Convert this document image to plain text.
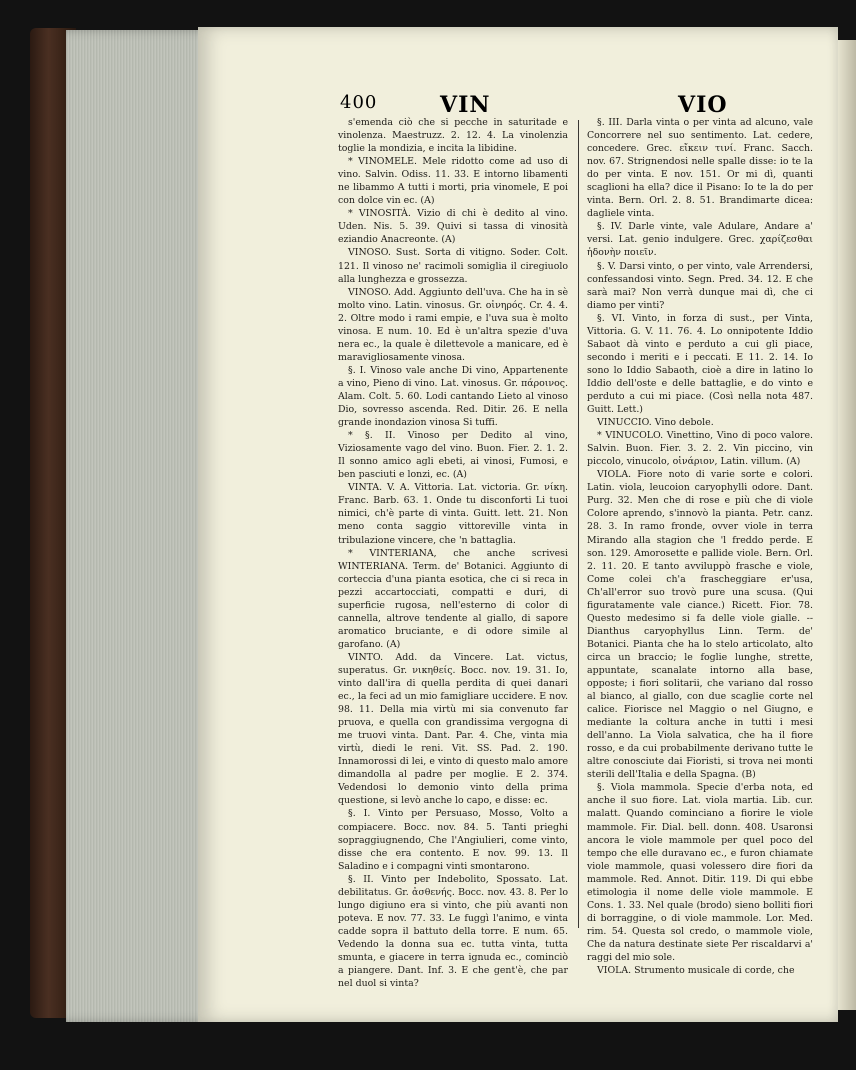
400	VIN	VIO

s'emenda ciò che si pecche in saturitade e vinolenza. Maestruzz. 2. 12. 4. La vinolenzia toglie la mondizia, e incita la libidine.

* VINOMELE. Mele ridotto come ad uso di vino. Salvin. Odiss. 11. 33. E intorno libamenti ne libammo A tutti i morti, pria vinomele, E poi con dolce vin ec. (A)

* VINOSITÀ. Vizio di chi è dedito al vino. Uden. Nis. 5. 39. Quivi si tassa di vinosità eziandio Anacreonte. (A)

VINOSO. Sust. Sorta di vitigno. Soder. Colt. 121. Il vinoso ne' racimoli somiglia il ciregiuolo alla lunghezza e grossezza.

VINOSO. Add. Aggiunto dell'uva. Che ha in sè molto vino. Latin. vinosus. Gr. οἰνηρός. Cr. 4. 4. 2. Oltre modo i rami empie, e l'uva sua è molto vinosa. E num. 10. Ed è un'altra spezie d'uva nera ec., la quale è dilettevole a manicare, ed è maravigliosamente vinosa.

§. I. Vinoso vale anche Di vino, Appartenente a vino, Pieno di vino. Lat. vinosus. Gr. πάροινος. Alam. Colt. 5. 60. Lodi cantando Lieto al vinoso Dio, sovresso ascenda. Red. Ditir. 26. E nella grande inondazion vinosa Si tuffi.

* §. II. Vinoso per Dedito al vino, Viziosamente vago del vino. Buon. Fier. 2. 1. 2. Il sonno amico agli ebeti, ai vinosi, Fumosi, e ben pasciuti e lonzi, ec. (A)

VINTA. V. A. Vittoria. Lat. victoria. Gr. νίκη. Franc. Barb. 63. 1. Onde tu disconforti Li tuoi nimici, ch'è parte di vinta. Guitt. lett. 21. Non meno conta saggio vittoreville vinta in tribulazione vincere, che 'n battaglia.

* VINTERIANA, che anche scrivesi WINTERIANA. Term. de' Botanici. Aggiunto di corteccia d'una pianta esotica, che ci si reca in pezzi accartocciati, compatti e duri, di superficie rugosa, nell'esterno di color di cannella, altrove tendente al giallo, di sapore aromatico bruciante, e di odore simile al garofano. (A)

VINTO. Add. da Vincere. Lat. victus, superatus. Gr. νικηθείς. Bocc. nov. 19. 31. Io, vinto dall'ira di quella perdita di quei danari ec., la feci ad un mio famigliare uccidere. E nov. 98. 11. Della mia virtù mi sia convenuto far pruova, e quella con grandissima vergogna di me truovi vinta. Dant. Par. 4. Che, vinta mia virtù, diedi le reni. Vit. SS. Pad. 2. 190. Innamorossi di lei, e vinto di questo malo amore dimandolla al padre per moglie. E 2. 374. Vedendosi lo demonio vinto della prima questione, si levò anche lo capo, e disse: ec.

§. I. Vinto per Persuaso, Mosso, Volto a compiacere. Bocc. nov. 84. 5. Tanti prieghi sopraggiugnendo, Che l'Angiulieri, come vinto, disse che era contento. E nov. 99. 13. Il Saladino e i compagni vinti smontarono.

§. II. Vinto per Indebolito, Spossato. Lat. debilitatus. Gr. ἀσθενής. Bocc. nov. 43. 8. Per lo lungo digiuno era si vinto, che più avanti non poteva. E nov. 77. 33. Le fuggì l'animo, e vinta cadde sopra il battuto della torre. E num. 65. Vedendo la donna sua ec. tutta vinta, tutta smunta, e giacere in terra ignuda ec., cominciò a piangere. Dant. Inf. 3. E che gent'è, che par nel duol si vinta?

§. III. Darla vinta o per vinta ad alcuno, vale Concorrere nel suo sentimento. Lat. cedere, concedere. Grec. εἴκειν τινί. Franc. Sacch. nov. 67. Strignendosi nelle spalle disse: io te la do per vinta. E nov. 151. Or mi dì, quanti scaglioni ha ella? dice il Pisano: Io te la do per vinta. Bern. Orl. 2. 8. 51. Brandimarte dicea: dagliele vinta.

§. IV. Darle vinte, vale Adulare, Andare a' versi. Lat. genio indulgere. Grec. χαρίζεσθαι ἡδονὴν ποιεῖν.

§. V. Darsi vinto, o per vinto, vale Arrendersi, confessandosi vinto. Segn. Pred. 34. 12. E che sarà mai? Non verrà dunque mai dì, che ci diamo per vinti?

§. VI. Vinto, in forza di sust., per Vinta, Vittoria. G. V. 11. 76. 4. Lo onnipotente Iddio Sabaot dà vinto e perduto a cui gli piace, secondo i meriti e i peccati. E 11. 2. 14. Io sono lo Iddio Sabaoth, cioè a dire in latino lo Iddio dell'oste e delle battaglie, e do vinto e perduto a cui mi piace. (Così nella nota 487. Guitt. Lett.)

VINUCCIO. Vino debole.

* VINUCOLO. Vinettino, Vino di poco valore. Salvin. Buon. Fier. 3. 2. 2. Vin piccino, vin piccolo, vinucolo, οἰνάριον, Latin. villum. (A)

VIOLA. Fiore noto di varie sorte e colori. Latin. viola, leucoion caryophylli odore. Dant. Purg. 32. Men che di rose e più che di viole Colore aprendo, s'innovò la pianta. Petr. canz. 28. 3. In ramo fronde, ovver viole in terra Mirando alla stagion che 'l freddo perde. E son. 129. Amorosette e pallide viole. Bern. Orl. 2. 11. 20. E tanto avviluppò frasche e viole, Come colei ch'a frascheggiare er'usa, Ch'all'error suo trovò pure una scusa. (Qui figuratamente vale ciance.) Ricett. Fior. 78. Questo medesimo si fa delle viole gialle. -- Dianthus caryophyllus Linn. Term. de' Botanici. Pianta che ha lo stelo articolato, alto circa un braccio; le foglie lunghe, strette, appuntate, scanalate intorno alla base, opposte; i fiori solitarii, che variano dal rosso al bianco, al giallo, con due scaglie corte nel calice. Fiorisce nel Maggio o nel Giugno, e mediante la coltura anche in tutti i mesi dell'anno. La Viola salvatica, che ha il fiore rosso, e da cui probabilmente derivano tutte le altre conosciute dai Fioristi, si trova nei monti sterili dell'Italia e della Spagna. (B)

§. Viola mammola. Specie d'erba nota, ed anche il suo fiore. Lat. viola martia. Lib. cur. malatt. Quando cominciano a fiorire le viole mammole. Fir. Dial. bell. donn. 408. Usaronsi ancora le viole mammole per quel poco del tempo che elle duravano ec., e furon chiamate viole mammole, quasi volessero dire fiori da mammole. Red. Annot. Ditir. 119. Di qui ebbe etimologia il nome delle viole mammole. E Cons. 1. 33. Nel quale (brodo) sieno bolliti fiori di borraggine, o di viole mammole. Lor. Med. rim. 54. Questa sol credo, o mammole viole, Che da natura destinate siete Per riscaldarvi a' raggi del mio sole.

VIOLA. Strumento musicale di corde, che
